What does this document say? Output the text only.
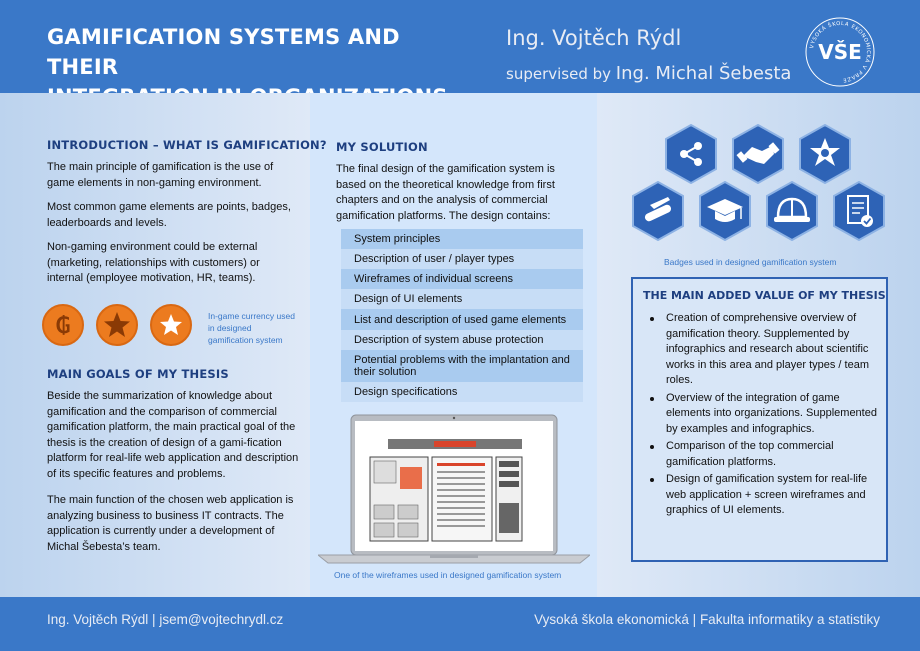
GAMIFICATION SYSTEMS AND THEIR
Ing. Vojtěch Rýdl
supervised by Ing. Michal Šebesta
VYSOKÁ ŠKOLA EKONOMICKÁ V PRAZE
VŠE
INTRODUCTION – WHAT IS GAMIFICATION?
The main principle of gamification is the use of game elements in non-gaming environment.
Most common game elements are points, badges, leaderboards and levels.
Non-gaming environment could be external (marketing, relationships with customers) or internal (employee motivation, HR, teams).
₲	In-game currency used in designed gamification system
MAIN GOALS OF MY THESIS
Beside the summarization of knowledge about gamification and the comparison of commercial gamification platform, the main practical goal of the thesis is the creation of design of a gami-fication platform for real-life web application and description of its specific features and problems.
The main function of the chosen web application is analyzing business to business IT contracts. The application is currently under a development of Michal Šebesta’s team.
MY SOLUTION
The final design of the gamification system is based on the theoretical knowledge from first chapters and on the analysis of commercial gamification platforms. The design contains:
System principles
Description of user / player types
Wireframes of individual screens
Design of UI elements
List and description of used game elements
Description of system abuse protection
Potential problems with the implantation and their solution
Design specifications
One of the wireframes used in designed gamification system
Badges used in designed gamification system
THE MAIN ADDED VALUE OF MY THESIS
Creation of comprehensive overview of gamification theory. Supplemented by infographics and research about scientific works in this area and player types / team roles.
Overview of the integration of game elements into organizations. Supplemented by examples and infographics.
Comparison of the top commercial gamification platforms.
Design of gamification system for real-life web application + screen wireframes and graphics of UI elements.
Ing. Vojtěch Rýdl | jsem@vojtechrydl.cz	Vysoká škola ekonomická | Fakulta informatiky a statistiky
